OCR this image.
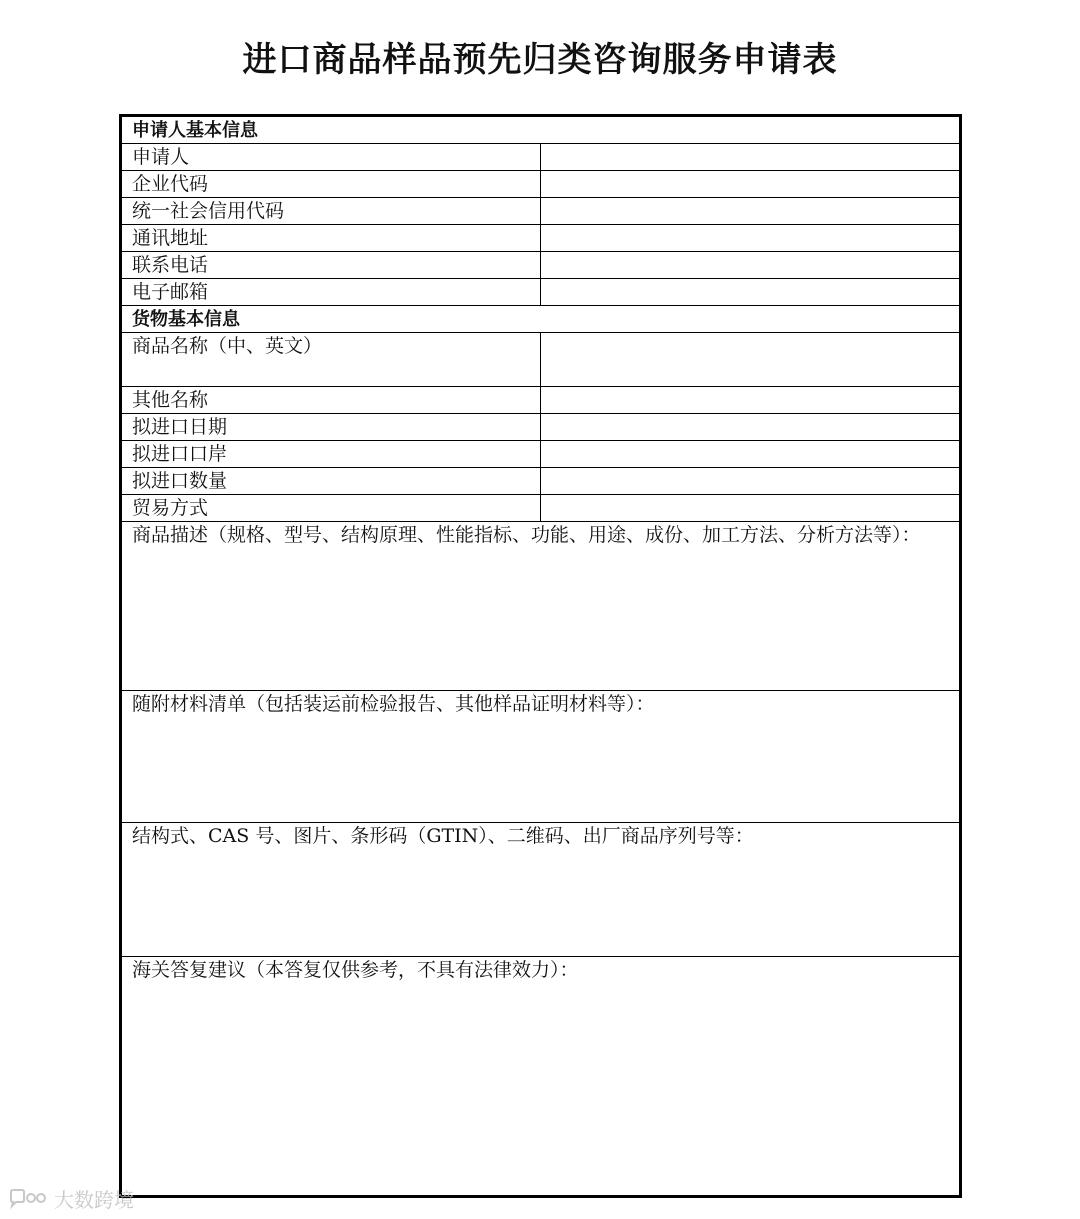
进口商品样品预先归类咨询服务申请表
申请人基本信息	
申请人	
企业代码	
统一社会信用代码	
通讯地址	
联系电话	
电子邮箱	
货物基本信息	
商品名称（中、英文）	
其他名称	
拟进口日期	
拟进口口岸	
拟进口数量	
贸易方式	
商品描述（规格、型号、结构原理、性能指标、功能、用途、成份、加工方法、分析方法等）：	
随附材料清单（包括装运前检验报告、其他样品证明材料等）：	
结构式、CAS 号、图片、条形码（GTIN）、二维码、出厂商品序列号等：	
海关答复建议（本答复仅供参考，不具有法律效力）：	
大数跨境
